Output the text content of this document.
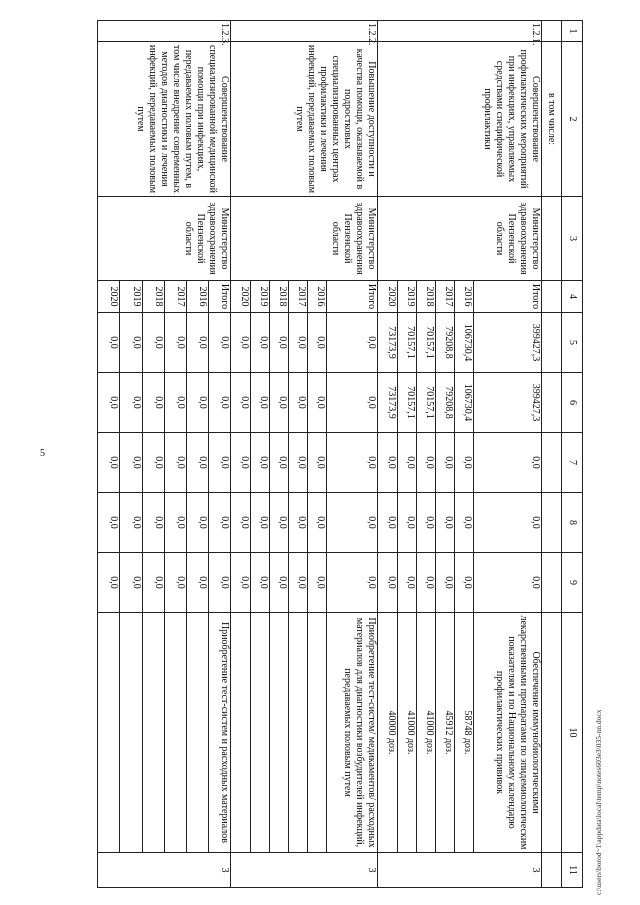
5
c:\users\borod~1\appdata\local\temp\notes603e3\035-nn.docx
1	2	3	4	5	6	7	8	9	10	11
	в том числе:									
1.2.1.	Совершенствование профилактических мероприятий при инфекциях, управляемых средствами специфической профилактики	Министерство здравоохранения Пензенской области	Итого	399427,3	399427,3	0,0	0,0	0,0	Обеспечение иммунобиологическими лекарственными препаратами по эпидемиологическим показателям и по Национальному календарю профилактических прививок	3
			2016	106730,4	106730,4	0,0	0,0	0,0	58748 доз.	
			2017	79208,8	79208,8	0,0	0,0	0,0	45912 доз.	
			2018	70157,1	70157,1	0,0	0,0	0,0	41000 доз.	
			2019	70157,1	70157,1	0,0	0,0	0,0	41000 доз.	
			2020	73173,9	73173,9	0,0	0,0	0,0	40000 доз.	
1.2.2.	Повышение доступности и качества помощи, оказываемой в подростковых специализированных центрах профилактики и лечения инфекций, передаваемых половым путем	Министерство здравоохранения Пензенской области	Итого	0,0	0,0	0,0	0,0	0,0	Приобретение тест-систем/ медикаментов/ расходных материалов для диагностики возбудителей инфекций, передаваемых половым путем	3
			2016	0,0	0,0	0,0	0,0	0,0		
			2017	0,0	0,0	0,0	0,0	0,0		
			2018	0,0	0,0	0,0	0,0	0,0		
			2019	0,0	0,0	0,0	0,0	0,0		
			2020	0,0	0,0	0,0	0,0	0,0		
1.2.3.	Совершенствование специализированной медицинской помощи при инфекциях, передаваемых половым путем, в том числе внедрение современных методов диагностики и лечения инфекций, передаваемых половым путем	Министерство здравоохранения Пензенской области	Итого	0,0	0,0	0,0	0,0	0,0	Приобретение тест-систем и расходных материалов	3
			2016	0,0	0,0	0,0	0,0	0,0		
			2017	0,0	0,0	0,0	0,0	0,0		
			2018	0,0	0,0	0,0	0,0	0,0		
			2019	0,0	0,0	0,0	0,0	0,0		
			2020	0,0	0,0	0,0	0,0	0,0		
